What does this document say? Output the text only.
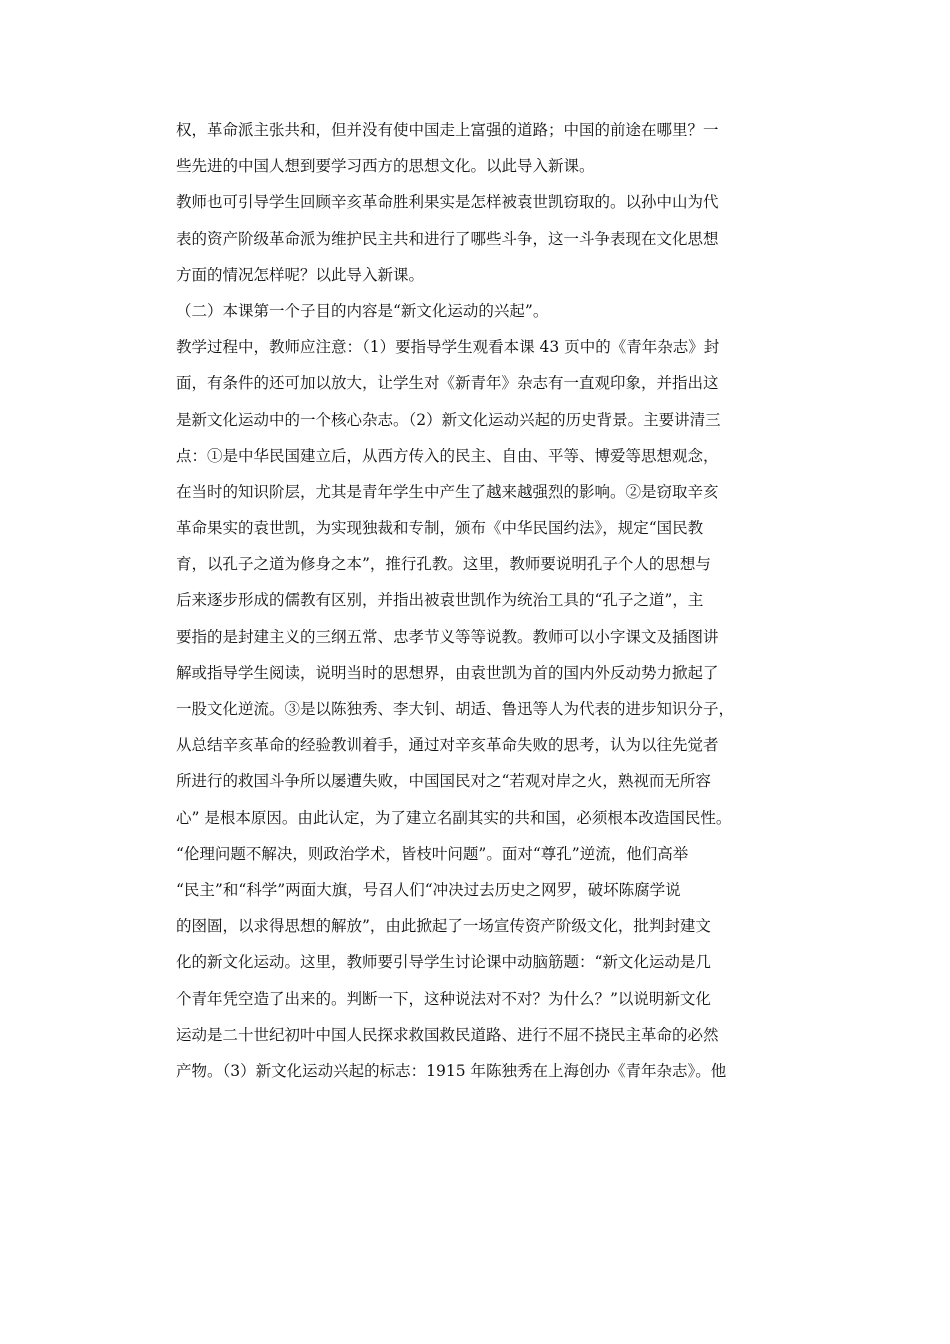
权，革命派主张共和，但并没有使中国走上富强的道路；中国的前途在哪里？一
些先进的中国人想到要学习西方的思想文化。以此导入新课。
教师也可引导学生回顾辛亥革命胜利果实是怎样被袁世凯窃取的。以孙中山为代
表的资产阶级革命派为维护民主共和进行了哪些斗争，这一斗争表现在文化思想
方面的情况怎样呢？以此导入新课。
（二）本课第一个子目的内容是“新文化运动的兴起”。
教学过程中，教师应注意：（1）要指导学生观看本课 43 页中的《青年杂志》封
面，有条件的还可加以放大，让学生对《新青年》杂志有一直观印象，并指出这
是新文化运动中的一个核心杂志。（2）新文化运动兴起的历史背景。主要讲清三
点：①是中华民国建立后，从西方传入的民主、自由、平等、博爱等思想观念，
在当时的知识阶层，尤其是青年学生中产生了越来越强烈的影响。②是窃取辛亥
革命果实的袁世凯，为实现独裁和专制，颁布《中华民国约法》，规定“国民教
育，以孔子之道为修身之本”，推行孔教。这里，教师要说明孔子个人的思想与
后来逐步形成的儒教有区别，并指出被袁世凯作为统治工具的“孔子之道”，主
要指的是封建主义的三纲五常、忠孝节义等等说教。教师可以小字课文及插图讲
解或指导学生阅读，说明当时的思想界，由袁世凯为首的国内外反动势力掀起了
一股文化逆流。③是以陈独秀、李大钊、胡适、鲁迅等人为代表的进步知识分子，
从总结辛亥革命的经验教训着手，通过对辛亥革命失败的思考，认为以往先觉者
所进行的救国斗争所以屡遭失败，中国国民对之“若观对岸之火，熟视而无所容
心” 是根本原因。由此认定，为了建立名副其实的共和国，必须根本改造国民性。
“伦理问题不解决，则政治学术，皆枝叶问题”。面对“尊孔”逆流，他们高举
“民主”和“科学”两面大旗，号召人们“冲决过去历史之网罗，破坏陈腐学说
的囹圄，以求得思想的解放”，由此掀起了一场宣传资产阶级文化，批判封建文
化的新文化运动。这里，教师要引导学生讨论课中动脑筋题：“新文化运动是几
个青年凭空造了出来的。判断一下，这种说法对不对？为什么？”以说明新文化
运动是二十世纪初叶中国人民探求救国救民道路、进行不屈不挠民主革命的必然
产物。（3）新文化运动兴起的标志：1915 年陈独秀在上海创办《青年杂志》。他
